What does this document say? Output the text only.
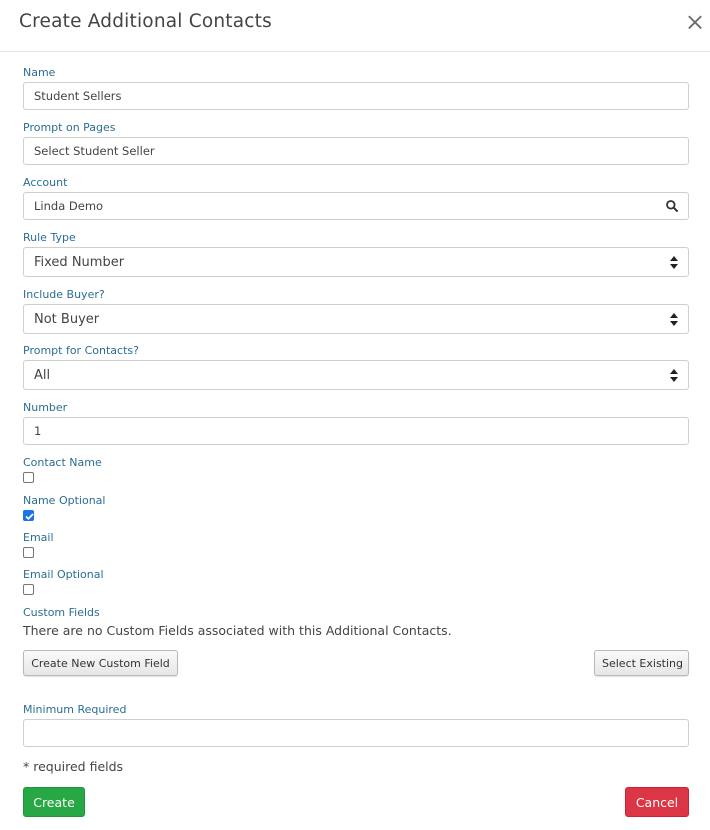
Create Additional Contacts
Name
Student Sellers
Prompt on Pages
Select Student Seller
Account
Linda Demo
Rule Type
Fixed Number
Include Buyer?
Not Buyer
Prompt for Contacts?
All
Number
1
Contact Name
Name Optional
Email
Email Optional
Custom Fields
There are no Custom Fields associated with this Additional Contacts.
Create New Custom Field	Select Existing
Minimum Required
* required fields
Create	Cancel
